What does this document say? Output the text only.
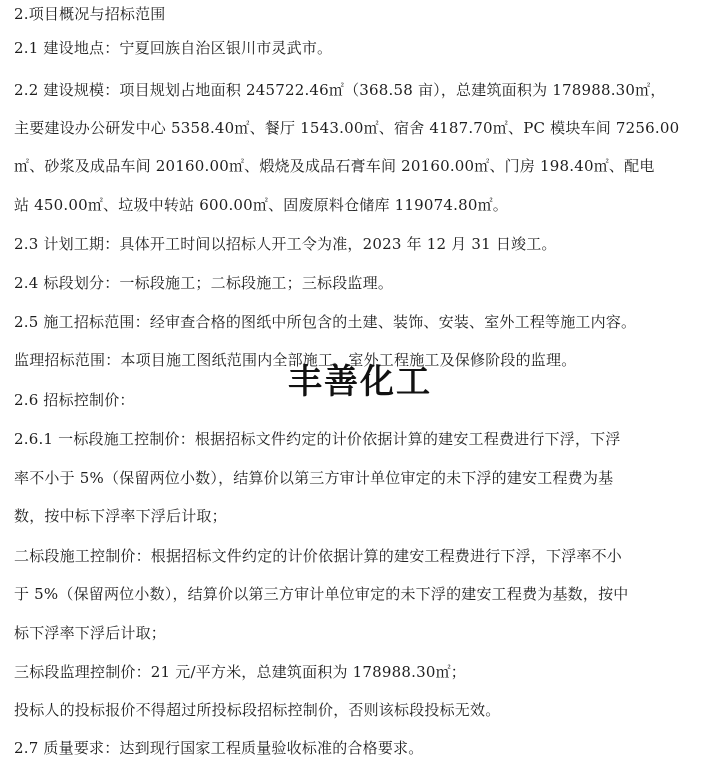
2.项目概况与招标范围
2.1 建设地点：宁夏回族自治区银川市灵武市。
2.2 建设规模：项目规划占地面积 245722.46㎡（368.58 亩），总建筑面积为 178988.30㎡，
主要建设办公研发中心 5358.40㎡、餐厅 1543.00㎡、宿舍 4187.70㎡、PC 模块车间 7256.00
㎡、砂浆及成品车间 20160.00㎡、煅烧及成品石膏车间 20160.00㎡、门房 198.40㎡、配电
站 450.00㎡、垃圾中转站 600.00㎡、固废原料仓储库 119074.80㎡。
2.3 计划工期：具体开工时间以招标人开工令为准，2023 年 12 月 31 日竣工。
2.4 标段划分：一标段施工；二标段施工；三标段监理。
2.5 施工招标范围：经审查合格的图纸中所包含的土建、装饰、安装、室外工程等施工内容。
监理招标范围：本项目施工图纸范围内全部施工、室外工程施工及保修阶段的监理。
2.6 招标控制价：
2.6.1 一标段施工控制价：根据招标文件约定的计价依据计算的建安工程费进行下浮，下浮
率不小于 5%（保留两位小数），结算价以第三方审计单位审定的未下浮的建安工程费为基
数，按中标下浮率下浮后计取；
二标段施工控制价：根据招标文件约定的计价依据计算的建安工程费进行下浮，下浮率不小
于 5%（保留两位小数），结算价以第三方审计单位审定的未下浮的建安工程费为基数，按中
标下浮率下浮后计取；
三标段监理控制价：21 元/平方米，总建筑面积为 178988.30㎡；
投标人的投标报价不得超过所投标段招标控制价，否则该标段投标无效。
2.7 质量要求：达到现行国家工程质量验收标准的合格要求。
丰善化工
